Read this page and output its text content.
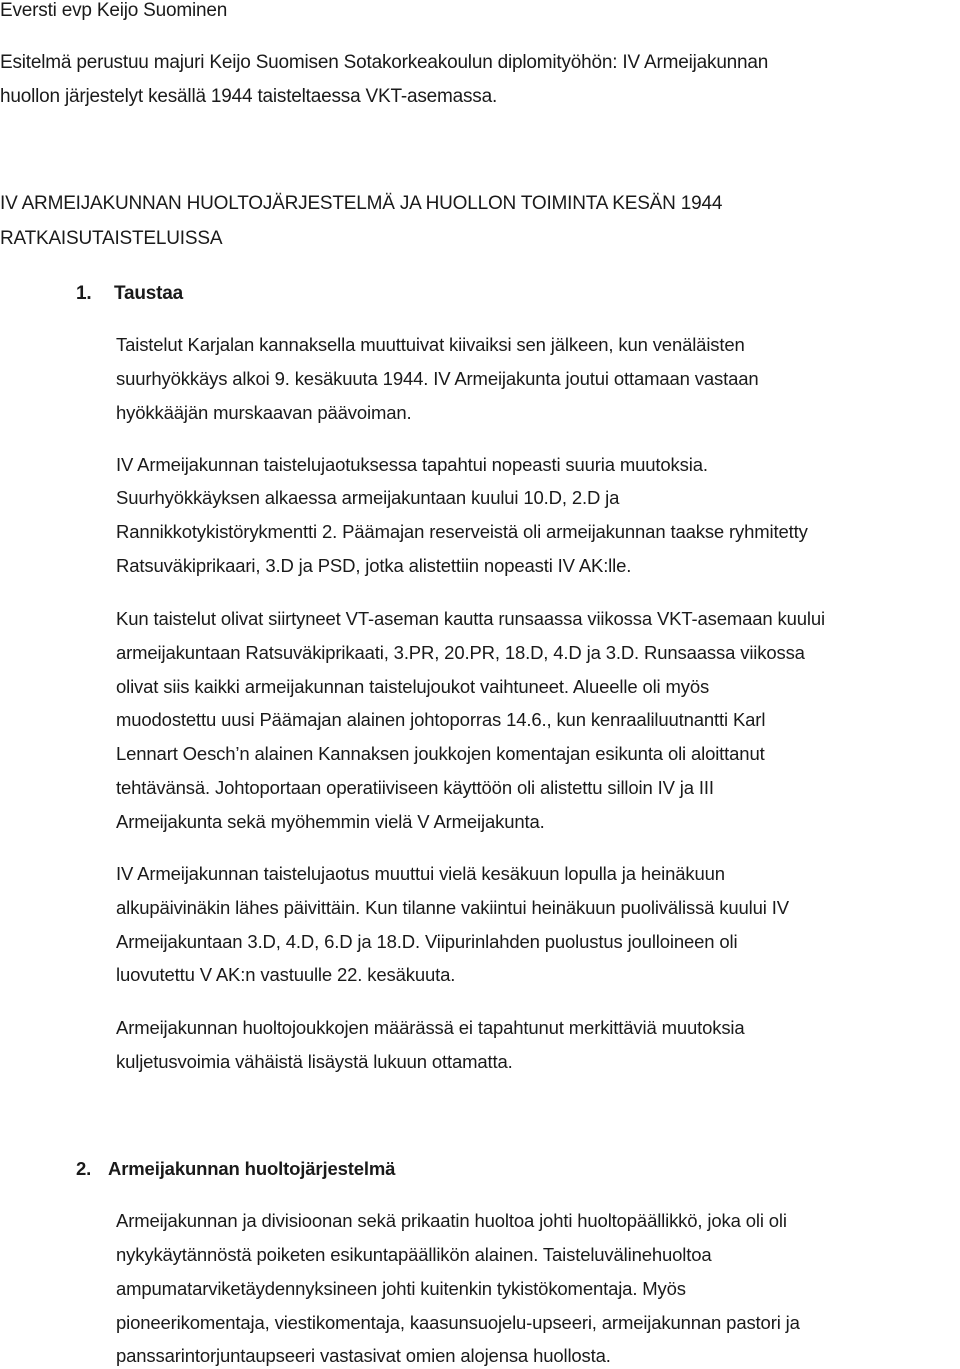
Eversti evp Keijo Suominen

Esitelmä perustuu majuri Keijo Suomisen Sotakorkeakoulun diplomityöhön: IV Armeijakunnan

huollon järjestelyt kesällä 1944 taisteltaessa VKT-asemassa.

IV ARMEIJAKUNNAN HUOLTOJÄRJESTELMÄ JA HUOLLON TOIMINTA KESÄN 1944

RATKAISUTAISTELUISSA

1. Taustaa

Taistelut Karjalan kannaksella muuttuivat kiivaiksi sen jälkeen, kun venäläisten

suurhyökkäys alkoi 9. kesäkuuta 1944. IV Armeijakunta joutui ottamaan vastaan

hyökkääjän murskaavan päävoiman.

IV Armeijakunnan taistelujaotuksessa tapahtui nopeasti suuria muutoksia.

Suurhyökkäyksen alkaessa armeijakuntaan kuului 10.D, 2.D ja

Rannikkotykistörykmentti 2. Päämajan reserveistä oli armeijakunnan taakse ryhmitetty

Ratsuväkiprikaari, 3.D ja PSD, jotka alistettiin nopeasti IV AK:lle.

Kun taistelut olivat siirtyneet VT-aseman kautta runsaassa viikossa VKT-asemaan kuului

armeijakuntaan Ratsuväkiprikaati, 3.PR, 20.PR, 18.D, 4.D ja 3.D. Runsaassa viikossa

olivat siis kaikki armeijakunnan taistelujoukot vaihtuneet. Alueelle oli myös

muodostettu uusi Päämajan alainen johtoporras 14.6., kun kenraaliluutnantti Karl

Lennart Oesch’n alainen Kannaksen joukkojen komentajan esikunta oli aloittanut

tehtävänsä. Johtoportaan operatiiviseen käyttöön oli alistettu silloin IV ja III

Armeijakunta sekä myöhemmin vielä V Armeijakunta.

IV Armeijakunnan taistelujaotus muuttui vielä kesäkuun lopulla ja heinäkuun

alkupäivinäkin lähes päivittäin. Kun tilanne vakiintui heinäkuun puolivälissä kuului IV

Armeijakuntaan 3.D, 4.D, 6.D ja 18.D. Viipurinlahden puolustus joulloineen oli

luovutettu V AK:n vastuulle 22. kesäkuuta.

Armeijakunnan huoltojoukkojen määrässä ei tapahtunut merkittäviä muutoksia

kuljetusvoimia vähäistä lisäystä lukuun ottamatta.

2. Armeijakunnan huoltojärjestelmä

Armeijakunnan ja divisioonan sekä prikaatin huoltoa johti huoltopäällikkö, joka oli oli

nykykäytännöstä poiketen esikuntapäällikön alainen. Taisteluvälinehuoltoa

ampumatarviketäydennyksineen johti kuitenkin tykistökomentaja. Myös

pioneerikomentaja, viestikomentaja, kaasunsuojelu-upseeri, armeijakunnan pastori ja

panssarintorjuntaupseeri vastasivat omien alojensa huollosta.
